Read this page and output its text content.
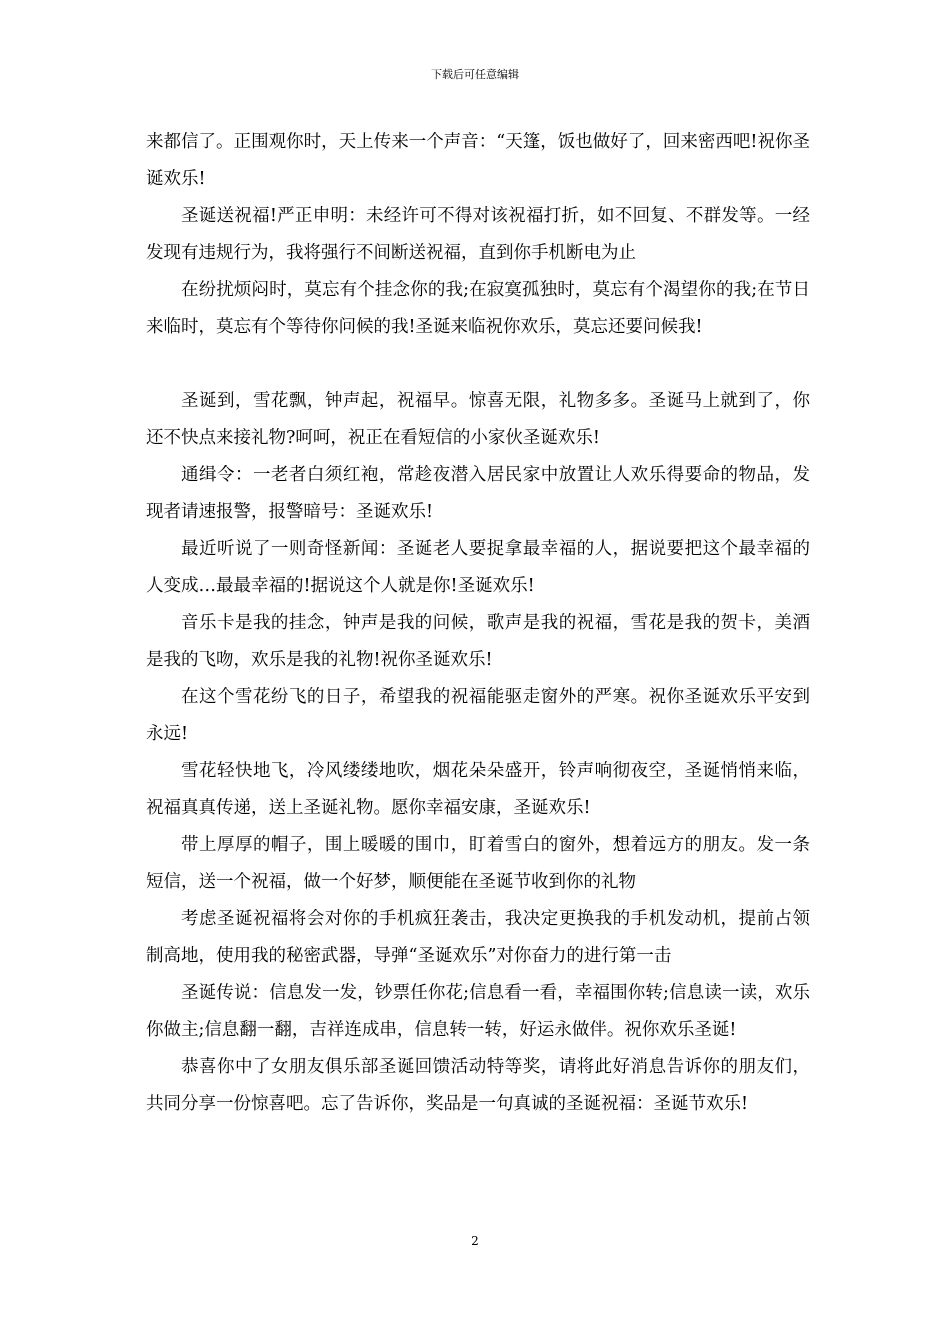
下载后可任意编辑

来都信了。正围观你时，天上传来一个声音：“天篷，饭也做好了，回来密西吧!祝你圣诞欢乐!

圣诞送祝福!严正申明：未经许可不得对该祝福打折，如不回复、不群发等。一经发现有违规行为，我将强行不间断送祝福，直到你手机断电为止

在纷扰烦闷时，莫忘有个挂念你的我;在寂寞孤独时，莫忘有个渴望你的我;在节日来临时，莫忘有个等待你问候的我!圣诞来临祝你欢乐，莫忘还要问候我!

圣诞到，雪花飘，钟声起，祝福早。惊喜无限，礼物多多。圣诞马上就到了，你还不快点来接礼物?呵呵，祝正在看短信的小家伙圣诞欢乐!

通缉令：一老者白须红袍，常趁夜潜入居民家中放置让人欢乐得要命的物品，发现者请速报警，报警暗号：圣诞欢乐!

最近听说了一则奇怪新闻：圣诞老人要捉拿最幸福的人，据说要把这个最幸福的人变成…最最幸福的!据说这个人就是你!圣诞欢乐!

音乐卡是我的挂念，钟声是我的问候，歌声是我的祝福，雪花是我的贺卡，美酒是我的飞吻，欢乐是我的礼物!祝你圣诞欢乐!

在这个雪花纷飞的日子，希望我的祝福能驱走窗外的严寒。祝你圣诞欢乐平安到永远!

雪花轻快地飞，冷风缕缕地吹，烟花朵朵盛开，铃声响彻夜空，圣诞悄悄来临，祝福真真传递，送上圣诞礼物。愿你幸福安康，圣诞欢乐!

带上厚厚的帽子，围上暖暖的围巾，盯着雪白的窗外，想着远方的朋友。发一条短信，送一个祝福，做一个好梦，顺便能在圣诞节收到你的礼物

考虑圣诞祝福将会对你的手机疯狂袭击，我决定更换我的手机发动机，提前占领制高地，使用我的秘密武器，导弹“圣诞欢乐”对你奋力的进行第一击

圣诞传说：信息发一发，钞票任你花;信息看一看，幸福围你转;信息读一读，欢乐你做主;信息翻一翻，吉祥连成串，信息转一转，好运永做伴。祝你欢乐圣诞!

恭喜你中了女朋友俱乐部圣诞回馈活动特等奖，请将此好消息告诉你的朋友们，共同分享一份惊喜吧。忘了告诉你，奖品是一句真诚的圣诞祝福：圣诞节欢乐!

2
